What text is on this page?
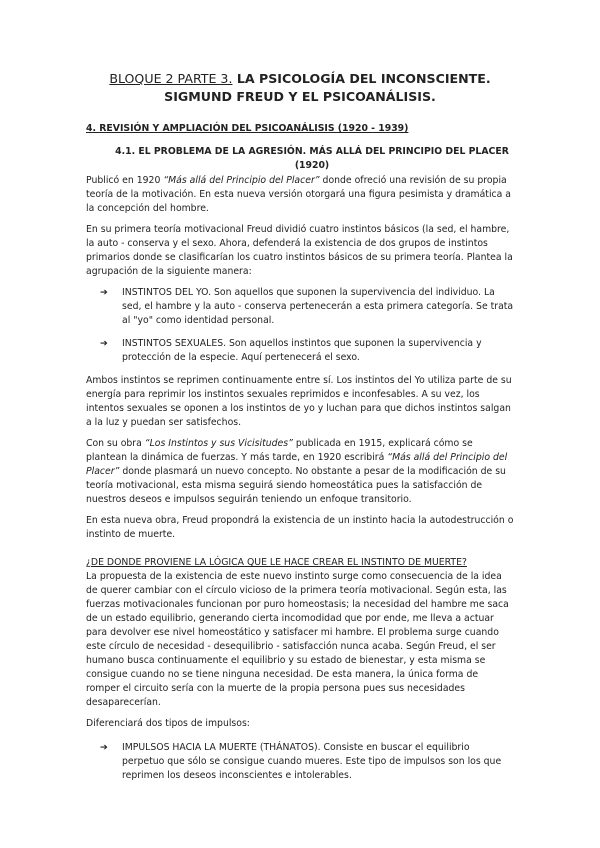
BLOQUE 2 PARTE 3. LA PSICOLOGÍA DEL INCONSCIENTE. SIGMUND FREUD Y EL PSICOANÁLISIS.
4. REVISIÓN Y AMPLIACIÓN DEL PSICOANÁLISIS (1920 - 1939)
4.1. EL PROBLEMA DE LA AGRESIÓN. MÁS ALLÁ DEL PRINCIPIO DEL PLACER (1920)

Publicó en 1920 “Más allá del Principio del Placer” donde ofreció una revisión de su propia teoría de la motivación. En esta nueva versión otorgará una figura pesimista y dramática a la concepción del hombre.

En su primera teoría motivacional Freud dividió cuatro instintos básicos (la sed, el hambre, la auto - conserva y el sexo. Ahora, defenderá la existencia de dos grupos de instintos primarios donde se clasificarían los cuatro instintos básicos de su primera teoría. Plantea la agrupación de la siguiente manera:

➔ INSTINTOS DEL YO. Son aquellos que suponen la supervivencia del individuo. La sed, el hambre y la auto - conserva pertenecerán a esta primera categoría. Se trata al "yo" como identidad personal.
➔ INSTINTOS SEXUALES. Son aquellos instintos que suponen la supervivencia y protección de la especie. Aquí pertenecerá el sexo.

Ambos instintos se reprimen continuamente entre sí. Los instintos del Yo utiliza parte de su energía para reprimir los instintos sexuales reprimidos e inconfesables. A su vez, los intentos sexuales se oponen a los instintos de yo y luchan para que dichos instintos salgan a la luz y puedan ser satisfechos.

Con su obra “Los Instintos y sus Vicisitudes” publicada en 1915, explicará cómo se plantean la dinámica de fuerzas. Y más tarde, en 1920 escribirá “Más allá del Principio del Placer” donde plasmará un nuevo concepto. No obstante a pesar de la modificación de su teoría motivacional, esta misma seguirá siendo homeostática pues la satisfacción de nuestros deseos e impulsos seguirán teniendo un enfoque transitorio.

En esta nueva obra, Freud propondrá la existencia de un instinto hacia la autodestrucción o instinto de muerte.

¿DE DONDE PROVIENE LA LÓGICA QUE LE HACE CREAR EL INSTINTO DE MUERTE?

La propuesta de la existencia de este nuevo instinto surge como consecuencia de la idea de querer cambiar con el círculo vicioso de la primera teoría motivacional. Según esta, las fuerzas motivacionales funcionan por puro homeostasis; la necesidad del hambre me saca de un estado equilibrio, generando cierta incomodidad que por ende, me lleva a actuar para devolver ese nivel homeostático y satisfacer mi hambre. El problema surge cuando este círculo de necesidad - desequilibrio - satisfacción nunca acaba. Según Freud, el ser humano busca continuamente el equilibrio y su estado de bienestar, y esta misma se consigue cuando no se tiene ninguna necesidad. De esta manera, la única forma de romper el circuito sería con la muerte de la propia persona pues sus necesidades desaparecerían.

Diferenciará dos tipos de impulsos:

➔ IMPULSOS HACIA LA MUERTE (THÁNATOS). Consiste en buscar el equilibrio perpetuo que sólo se consigue cuando mueres. Este tipo de impulsos son los que reprimen los deseos inconscientes e intolerables.
